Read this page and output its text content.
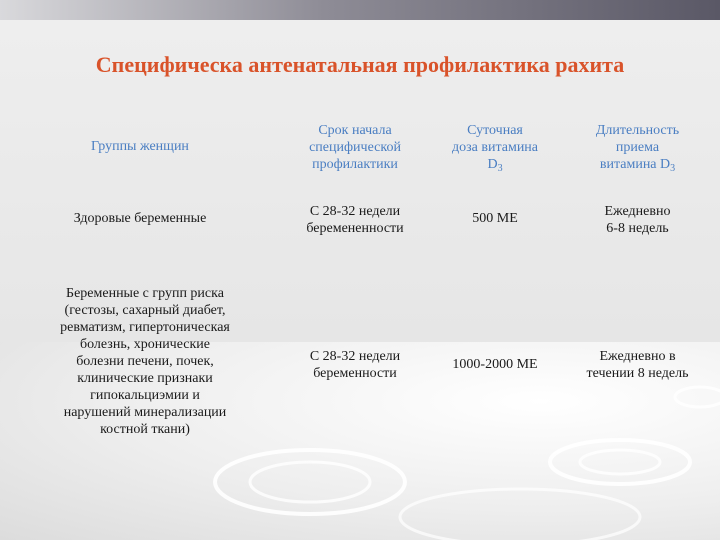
Специфическа антенатальная профилактика рахита
Группы женщин
Срок начала
специфической
профилактики
Суточная
доза витамина
$D_3$
Длительность
приема
витамина $D_3$
Здоровые беременные	С 28-32 недели
беремененности
500 МЕ	Ежедневно
6-8 недель
Беременные с групп риска
(гестозы, сахарный диабет,
ревматизм, гипертоническая
болезнь, хронические
болезни печени, почек,
клинические признаки
гипокальциэмии и
нарушений минерализации
костной ткани)
С 28-32 недели
беременности
1000-2000 МЕ
Ежедневно в
течении 8 недель
